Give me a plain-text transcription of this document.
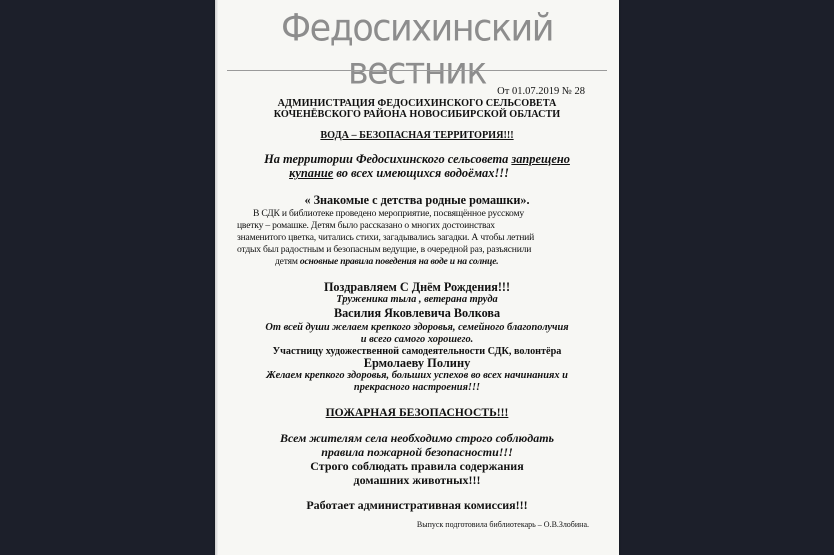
Федосихинский вестник	От 01.07.2019 № 28
АДМИНИСТРАЦИЯ ФЕДОСИХИНСКОГО СЕЛЬСОВЕТА
КОЧЕНЁВСКОГО РАЙОНА НОВОСИБИРСКОЙ ОБЛАСТИ
ВОДА – БЕЗОПАСНАЯ ТЕРРИТОРИЯ!!!
На территории Федосихинского сельсовета запрещено
купание во всех имеющихся водоёмах!!!
« Знакомые с детства родные ромашки».
В СДК и библиотеке проведено мероприятие, посвящённое русскому
цветку – ромашке. Детям было рассказано о многих достоинствах
знаменитого цветка, читались стихи, загадывались загадки. А чтобы летний
отдых был радостным и безопасным ведущие, в очередной раз, разъяснили
детям основные правила поведения на воде и на солнце.
Поздравляем С Днём Рождения!!!
Труженика тыла , ветерана труда
Василия Яковлевича Волкова
От всей души желаем крепкого здоровья, семейного благополучия
и всего самого хорошего.
Участницу художественной самодеятельности СДК, волонтёра
Ермолаеву Полину
Желаем крепкого здоровья, больших успехов во всех начинаниях и
прекрасного настроения!!!
ПОЖАРНАЯ БЕЗОПАСНОСТЬ!!!
Всем жителям села необходимо строго соблюдать
правила пожарной безопасности!!!
Строго соблюдать правила содержания
домашних животных!!!
Работает административная комиссия!!!
Выпуск подготовила библиотекарь – О.В.Злобина.
